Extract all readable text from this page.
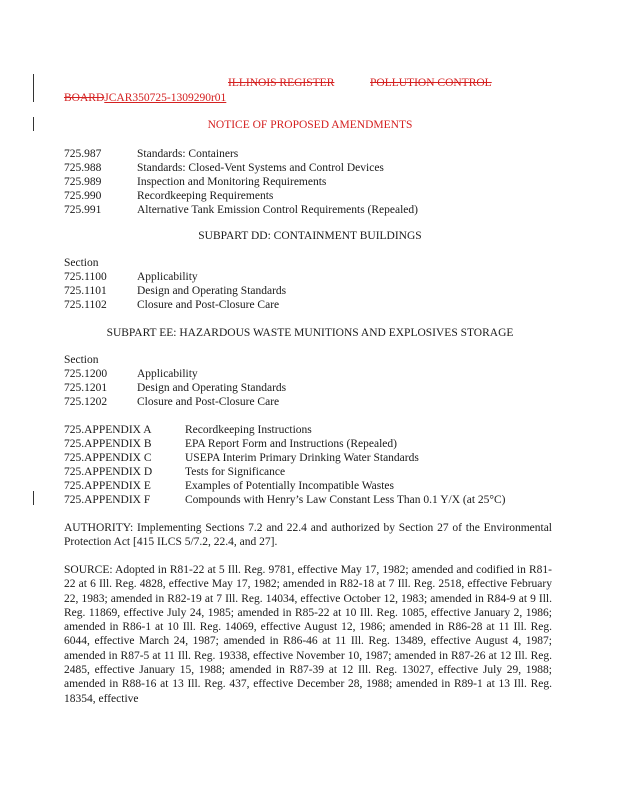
ILLINOIS REGISTER	POLLUTION CONTROL
BOARDJCAR350725-1309290r01
NOTICE OF PROPOSED AMENDMENTS
725.987	Standards: Containers
725.988	Standards: Closed-Vent Systems and Control Devices
725.989	Inspection and Monitoring Requirements
725.990	Recordkeeping Requirements
725.991	Alternative Tank Emission Control Requirements (Repealed)
SUBPART DD: CONTAINMENT BUILDINGS
Section
725.1100	Applicability
725.1101	Design and Operating Standards
725.1102	Closure and Post-Closure Care
SUBPART EE: HAZARDOUS WASTE MUNITIONS AND EXPLOSIVES STORAGE
Section
725.1200	Applicability
725.1201	Design and Operating Standards
725.1202	Closure and Post-Closure Care
725.APPENDIX A	Recordkeeping Instructions
725.APPENDIX B	EPA Report Form and Instructions (Repealed)
725.APPENDIX C	USEPA Interim Primary Drinking Water Standards
725.APPENDIX D	Tests for Significance
725.APPENDIX E	Examples of Potentially Incompatible Wastes
725.APPENDIX F	Compounds with Henry’s Law Constant Less Than 0.1 Y/X (at 25°C)

AUTHORITY: Implementing Sections 7.2 and 22.4 and authorized by Section 27 of the Environmental Protection Act [415 ILCS 5/7.2, 22.4, and 27].

SOURCE: Adopted in R81-22 at 5 Ill. Reg. 9781, effective May 17, 1982; amended and codified in R81-22 at 6 Ill. Reg. 4828, effective May 17, 1982; amended in R82-18 at 7 Ill. Reg. 2518, effective February 22, 1983; amended in R82-19 at 7 Ill. Reg. 14034, effective October 12, 1983; amended in R84-9 at 9 Ill. Reg. 11869, effective July 24, 1985; amended in R85-22 at 10 Ill. Reg. 1085, effective January 2, 1986; amended in R86-1 at 10 Ill. Reg. 14069, effective August 12, 1986; amended in R86-28 at 11 Ill. Reg. 6044, effective March 24, 1987; amended in R86-46 at 11 Ill. Reg. 13489, effective August 4, 1987; amended in R87-5 at 11 Ill. Reg. 19338, effective November 10, 1987; amended in R87-26 at 12 Ill. Reg. 2485, effective January 15, 1988; amended in R87-39 at 12 Ill. Reg. 13027, effective July 29, 1988; amended in R88-16 at 13 Ill. Reg. 437, effective December 28, 1988; amended in R89-1 at 13 Ill. Reg. 18354, effective
